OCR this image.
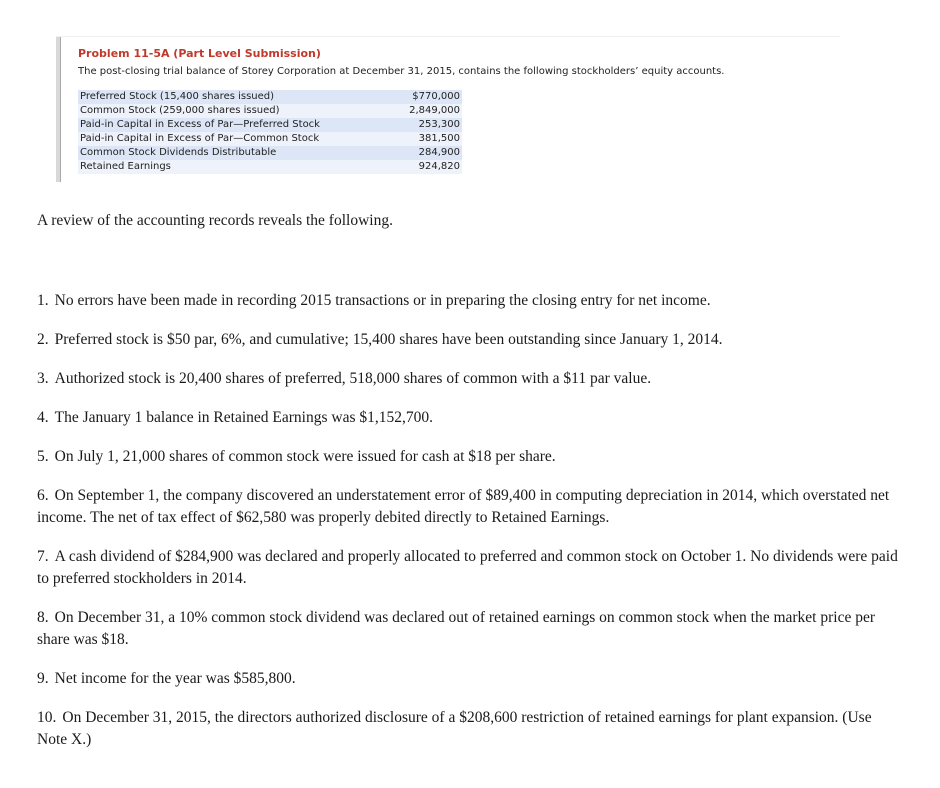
Problem 11-5A (Part Level Submission)
The post-closing trial balance of Storey Corporation at December 31, 2015, contains the following stockholders’ equity accounts.
Preferred Stock (15,400 shares issued)	$770,000
Common Stock (259,000 shares issued)	2,849,000
Paid-in Capital in Excess of Par—Preferred Stock	253,300
Paid-in Capital in Excess of Par—Common Stock	381,500
Common Stock Dividends Distributable	284,900
Retained Earnings	924,820
A review of the accounting records reveals the following.
1. No errors have been made in recording 2015 transactions or in preparing the closing entry for net income.
2. Preferred stock is $50 par, 6%, and cumulative; 15,400 shares have been outstanding since January 1, 2014.
3. Authorized stock is 20,400 shares of preferred, 518,000 shares of common with a $11 par value.
4. The January 1 balance in Retained Earnings was $1,152,700.
5. On July 1, 21,000 shares of common stock were issued for cash at $18 per share.
6. On September 1, the company discovered an understatement error of $89,400 in computing depreciation in 2014, which overstated net income. The net of tax effect of $62,580 was properly debited directly to Retained Earnings.
7. A cash dividend of $284,900 was declared and properly allocated to preferred and common stock on October 1. No dividends were paid to preferred stockholders in 2014.
8. On December 31, a 10% common stock dividend was declared out of retained earnings on common stock when the market price per share was $18.
9. Net income for the year was $585,800.
10. On December 31, 2015, the directors authorized disclosure of a $208,600 restriction of retained earnings for plant expansion. (Use Note X.)
